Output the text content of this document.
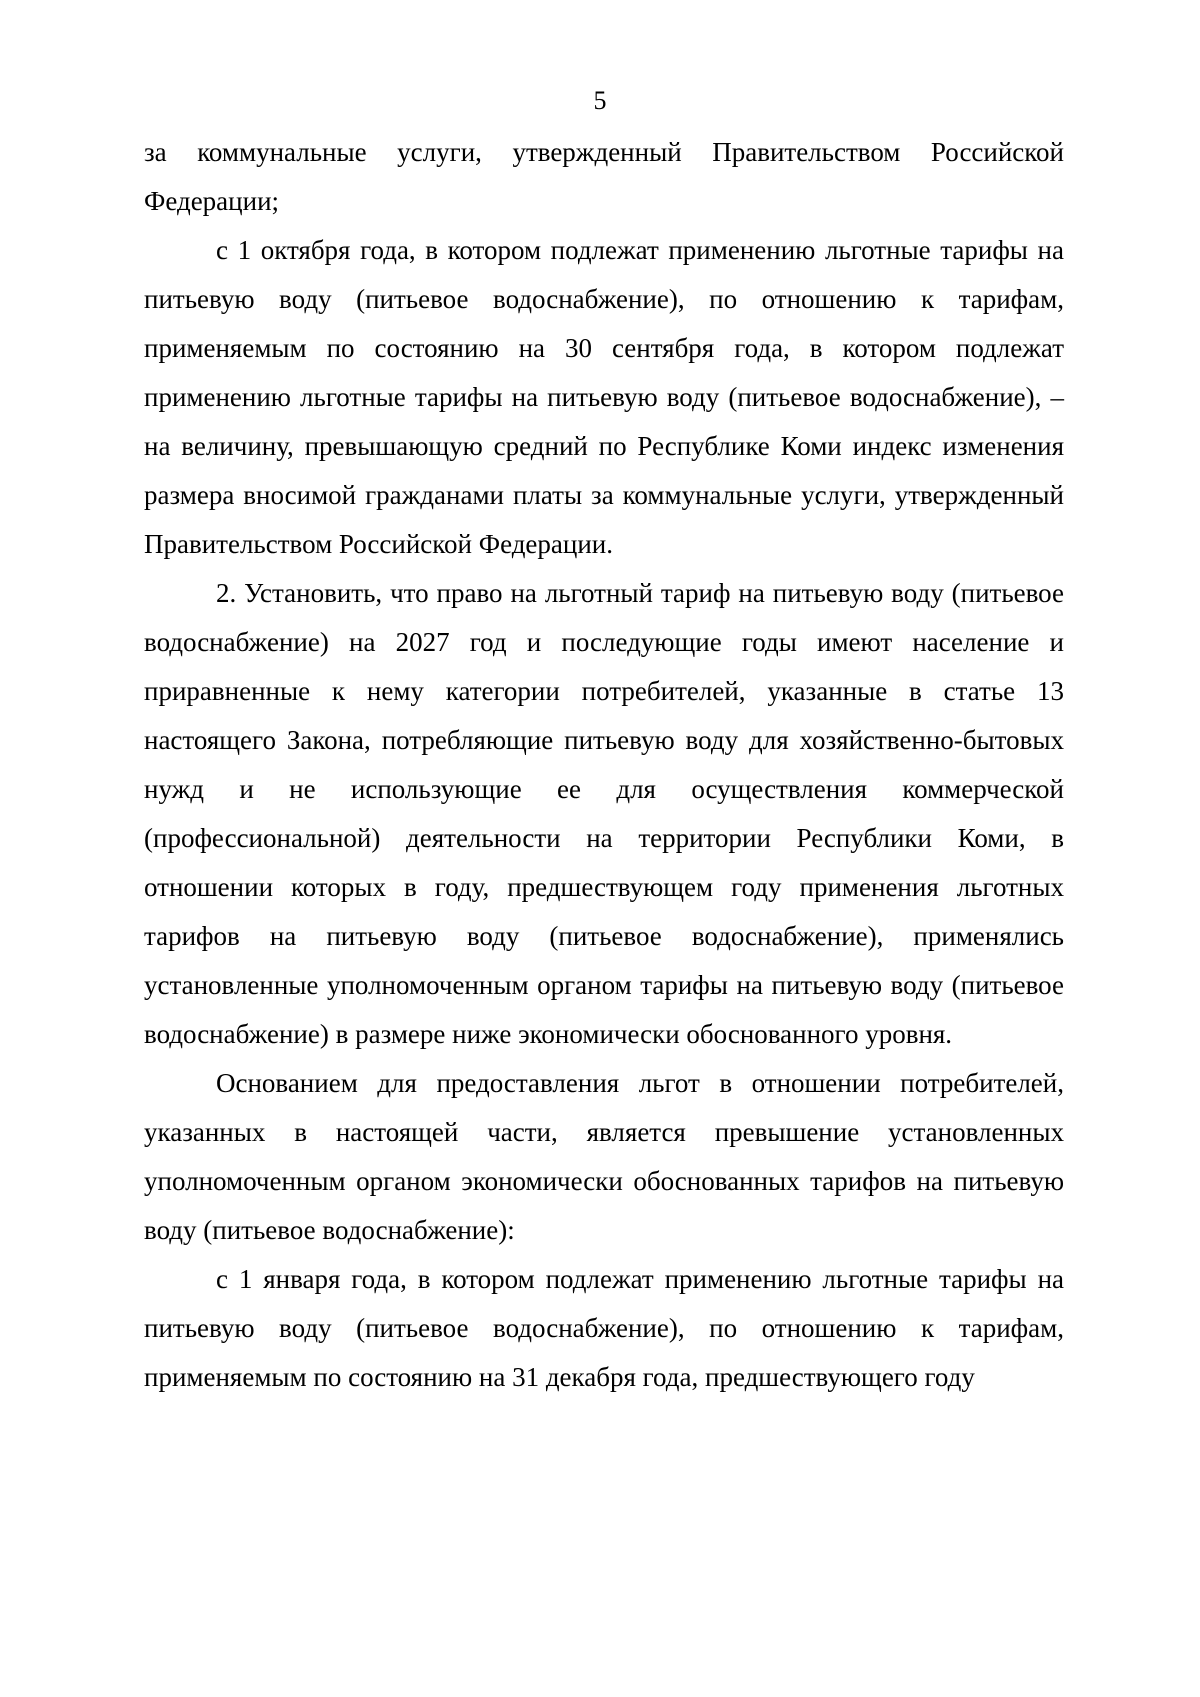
5

за коммунальные услуги, утвержденный Правительством Российской Федерации;

с 1 октября года, в котором подлежат применению льготные тарифы на питьевую воду (питьевое водоснабжение), по отношению к тарифам, применяемым по состоянию на 30 сентября года, в котором подлежат применению льготные тарифы на питьевую воду (питьевое водоснабжение), – на величину, превышающую средний по Республике Коми индекс изменения размера вносимой гражданами платы за коммунальные услуги, утвержденный Правительством Российской Федерации.

2. Установить, что право на льготный тариф на питьевую воду (питьевое водоснабжение) на 2027 год и последующие годы имеют население и приравненные к нему категории потребителей, указанные в статье 13 настоящего Закона, потребляющие питьевую воду для хозяйственно-бытовых нужд и не использующие ее для осуществления коммерческой (профессиональной) деятельности на территории Республики Коми, в отношении которых в году, предшествующем году применения льготных тарифов на питьевую воду (питьевое водоснабжение), применялись установленные уполномоченным органом тарифы на питьевую воду (питьевое водоснабжение) в размере ниже экономически обоснованного уровня.

Основанием для предоставления льгот в отношении потребителей, указанных в настоящей части, является превышение установленных уполномоченным органом экономически обоснованных тарифов на питьевую воду (питьевое водоснабжение):

с 1 января года, в котором подлежат применению льготные тарифы на питьевую воду (питьевое водоснабжение), по отношению к тарифам, применяемым по состоянию на 31 декабря года, предшествующего году
